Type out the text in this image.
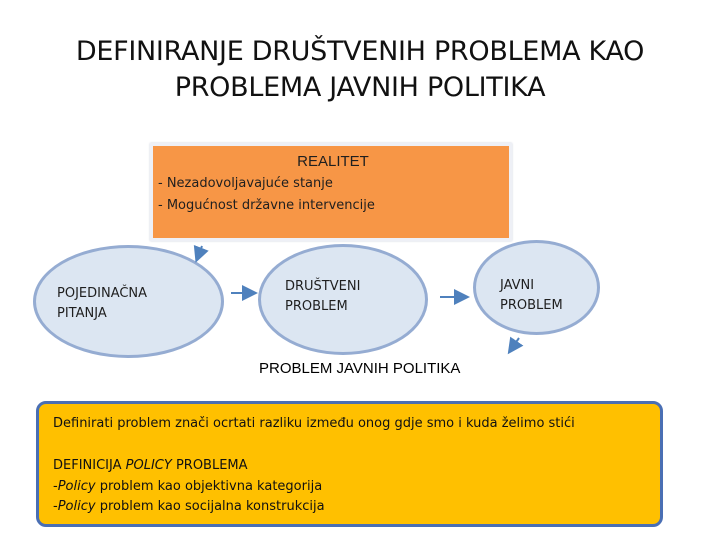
DEFINIRANJE DRUŠTVENIH PROBLEMA KAO
PROBLEMA JAVNIH POLITIKA
REALITET
- Nezadovoljavajuće stanje
- Mogućnost državne intervencije
POJEDINAČNA
PITANJA
DRUŠTVENI
PROBLEM
JAVNI
PROBLEM
PROBLEM JAVNIH POLITIKA
Definirati problem znači ocrtati razliku između onog gdje smo i kuda želimo stići
DEFINICIJA POLICY PROBLEMA
-Policy problem kao objektivna kategorija
-Policy problem kao socijalna konstrukcija
